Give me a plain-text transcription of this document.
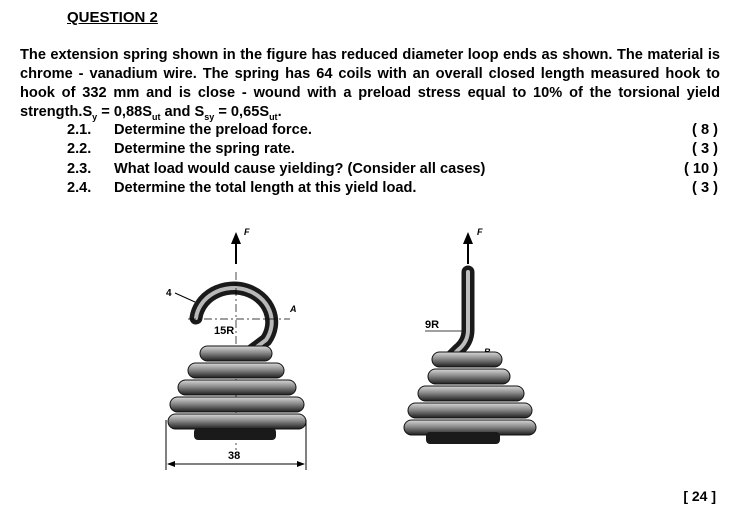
QUESTION 2
The extension spring shown in the figure has reduced diameter loop ends as shown. The material is chrome - vanadium wire. The spring has 64 coils with an overall closed length measured hook to hook of 332 mm and is close - wound with a preload stress equal to 10% of the torsional yield $strength.S_y = 0,88S_{ut}$ and $S_{sy} = 0,65S_{ut}$.
2.1.	Determine the preload force.	( 8 )
2.2.	Determine the spring rate.	( 3 )
2.3.	What load would cause yielding? (Consider all cases)	( 10 )
2.4.	Determine the total length at this yield load.	( 3 )
F
4
A
15R
38
F
9R
[ 24 ]
